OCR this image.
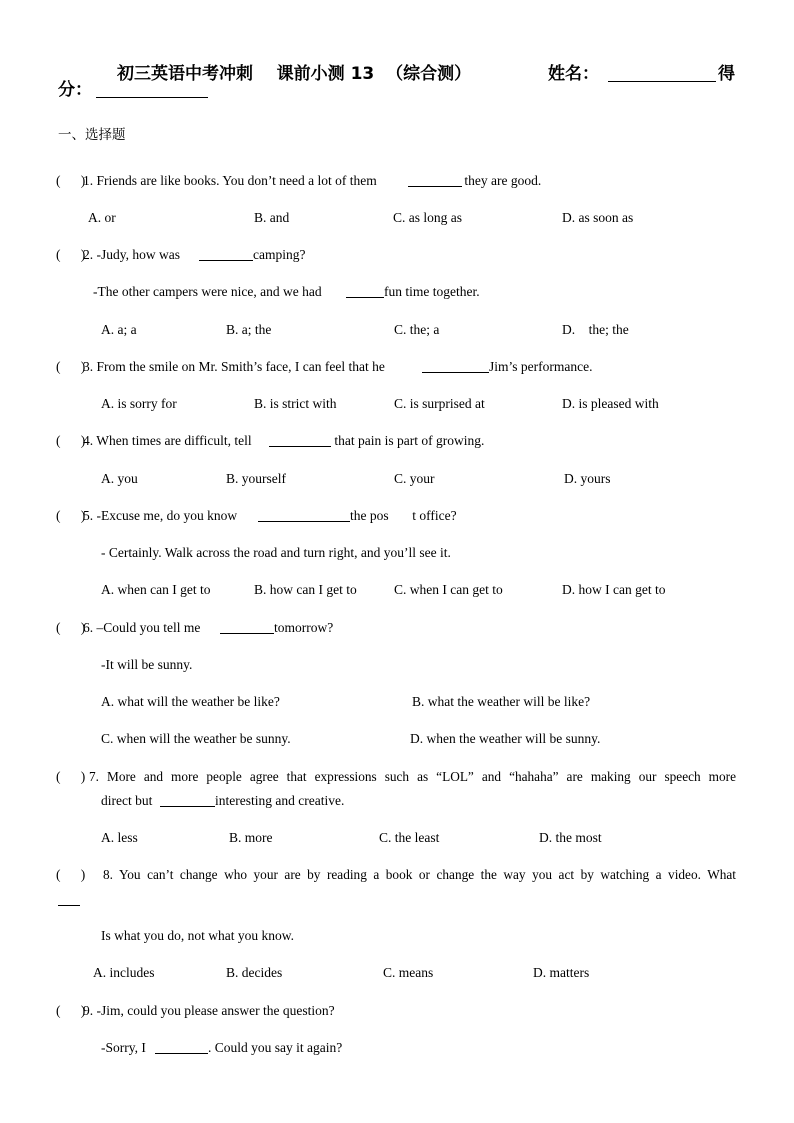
初三英语中考冲刺    课前小测 13  （综合测）	姓名：	得
分：
一、选择题
(      )
1. Friends are like books. You don’t need a lot of them	they are good.
A. or	B. and	C. as long as	D. as soon as
(      )
2. -Judy, how was	camping?
-The other campers were nice, and we had	fun time together.
A. a; a	B. a; the	C. the; a	D.    the; the
(      )
3. From the smile on Mr. Smith’s face, I can feel that he	Jim’s performance.
A. is sorry for	B. is strict with	C. is surprised at	D. is pleased with
(      )
4. When times are difficult, tell	that pain is part of growing.
A. you	B. yourself	C. your	D. yours
(      )
5. -Excuse me, do you know	the pos       t office?
- Certainly. Walk across the road and turn right, and you’ll see it.
A. when can I get to	B. how can I get to	C. when I can get to	D. how I can get to
(      )
6. –Could you tell me	tomorrow?
-It will be sunny.
A. what will the weather be like?	B. what the weather will be like?
C. when will the weather be sunny.	D. when the weather will be sunny.
(      ) 7. More and more people agree that expressions such as “LOL” and “hahaha” are making our speech more
direct but	interesting and creative.
A. less	B. more	C. the least	D. the most
(      ) 8. You can’t change who your are by reading a book or change the way you act by watching a video. What
Is what you do, not what you know.
A. includes	B. decides	C. means	D. matters
(      )
9. -Jim, could you please answer the question?
-Sorry, I	. Could you say it again?
